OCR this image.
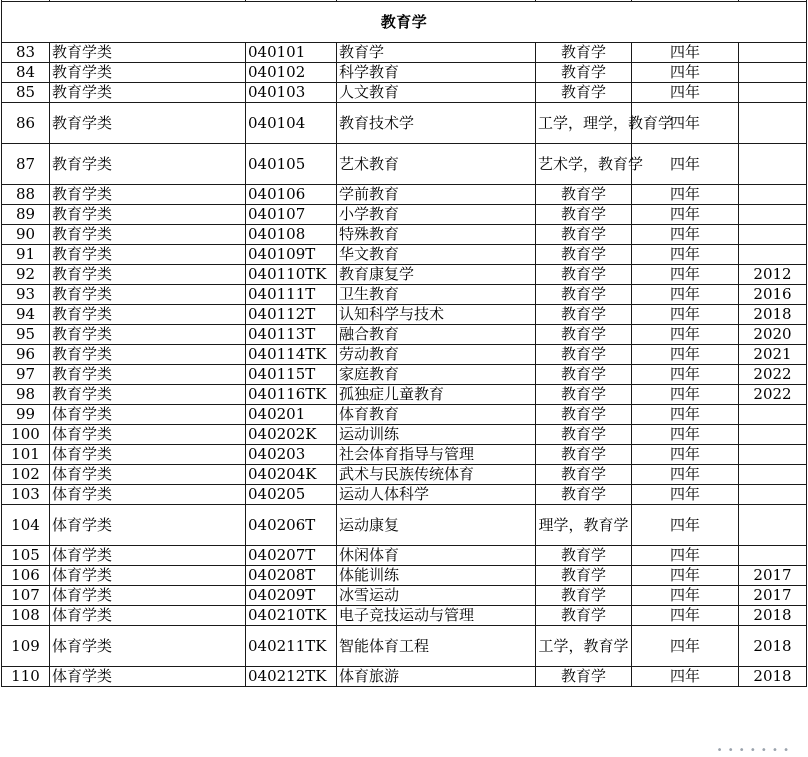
教育学						
83	教育学类	040101	教育学	教育学	四年	
84	教育学类	040102	科学教育	教育学	四年	
85	教育学类	040103	人文教育	教育学	四年	
86	教育学类	040104	教育技术学	工学，理学，教育学	四年	
87	教育学类	040105	艺术教育	艺术学，教育学	四年	
88	教育学类	040106	学前教育	教育学	四年	
89	教育学类	040107	小学教育	教育学	四年	
90	教育学类	040108	特殊教育	教育学	四年	
91	教育学类	040109T	华文教育	教育学	四年	
92	教育学类	040110TK	教育康复学	教育学	四年	2012
93	教育学类	040111T	卫生教育	教育学	四年	2016
94	教育学类	040112T	认知科学与技术	教育学	四年	2018
95	教育学类	040113T	融合教育	教育学	四年	2020
96	教育学类	040114TK	劳动教育	教育学	四年	2021
97	教育学类	040115T	家庭教育	教育学	四年	2022
98	教育学类	040116TK	孤独症儿童教育	教育学	四年	2022
99	体育学类	040201	体育教育	教育学	四年	
100	体育学类	040202K	运动训练	教育学	四年	
101	体育学类	040203	社会体育指导与管理	教育学	四年	
102	体育学类	040204K	武术与民族传统体育	教育学	四年	
103	体育学类	040205	运动人体科学	教育学	四年	
104	体育学类	040206T	运动康复	理学，教育学	四年	
105	体育学类	040207T	休闲体育	教育学	四年	
106	体育学类	040208T	体能训练	教育学	四年	2017
107	体育学类	040209T	冰雪运动	教育学	四年	2017
108	体育学类	040210TK	电子竞技运动与管理	教育学	四年	2018
109	体育学类	040211TK	智能体育工程	工学，教育学	四年	2018
110	体育学类	040212TK	体育旅游	教育学	四年	2018
• • • • • • •
